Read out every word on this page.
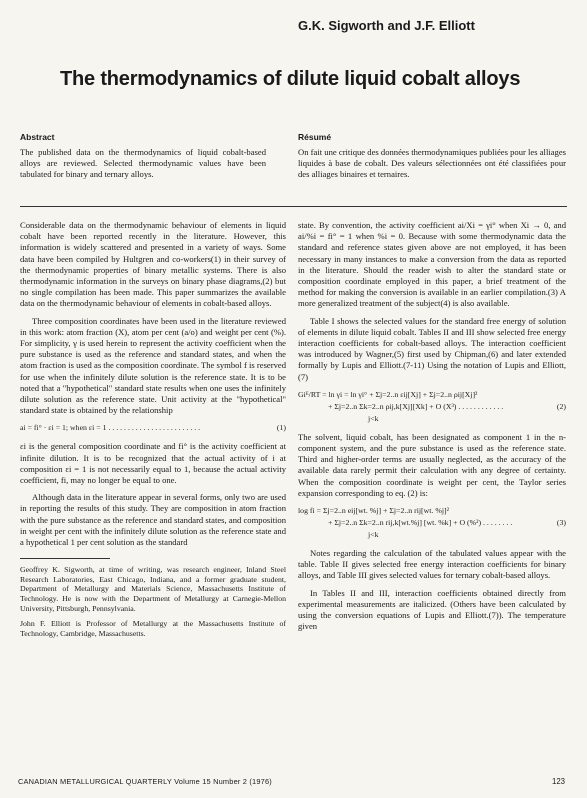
G.K. Sigworth and J.F. Elliott
The thermodynamics of dilute liquid cobalt alloys
Abstract
The published data on the thermodynamics of liquid cobalt-based alloys are reviewed. Selected thermodynamic values have been tabulated for binary and ternary alloys.
Résumé
On fait une critique des données thermodynamiques publiées pour les alliages liquides à base de cobalt. Des valeurs sélectionnées ont été classifiées pour des alliages binaires et ternaires.

Considerable data on the thermodynamic behaviour of elements in liquid cobalt have been reported recently in the literature. However, this information is widely scattered and presented in a variety of ways. Some data have been compiled by Hultgren and co-workers(1) in their survey of the thermodynamic properties of binary metallic systems. There is also thermodynamic information in the surveys on binary phase diagrams,(2) but no single compilation has been made. This paper summarizes the available data on the thermodynamic behaviour of elements in cobalt-based alloys.

Three composition coordinates have been used in the literature reviewed in this work: atom fraction (X), atom per cent (a/o) and weight per cent (%). For simplicity, γ is used herein to represent the activity coefficient when the pure substance is used as the reference and standard states, and when the atom fraction is used as the composition coordinate. The symbol f is reserved for use when the infinitely dilute solution is the reference state. It is to be noted that a "hypothetical" standard state results when one uses the infinitely dilute solution as the reference state. Unit activity at the "hypothetical" standard state is obtained by the relationship

ai = fi° · εi = 1; when εi = 1 . . . . . . . . . . . . . . . . . . . . . . . .	(1)

εi is the general composition coordinate and fi° is the activity coefficient at infinite dilution. It is to be recognized that the actual activity of i at composition εi = 1 is not necessarily equal to 1, because the actual activity coefficient, fi, may no longer be equal to one.

Although data in the literature appear in several forms, only two are used in reporting the results of this study. They are composition in atom fraction with the pure substance as the reference and standard states, and composition in weight per cent with the infinitely dilute solution as the reference state and a hypothetical 1 per cent solution as the standard

Geoffrey K. Sigworth, at time of writing, was research engineer, Inland Steel Research Laboratories, East Chicago, Indiana, and a former graduate student, Department of Metallurgy and Materials Science, Massachusetts Institute of Technology. He is now with the Department of Metallurgy at Carnegie-Mellon University, Pittsburgh, Pennsylvania.

John F. Elliott is Professor of Metallurgy at the Massachusetts Institute of Technology, Cambridge, Massachusetts.

state. By convention, the activity coefficient ai/Xi = γi° when Xi → 0, and ai/%i = fi° = 1 when %i = 0. Because with some thermodynamic data the standard and reference states given above are not employed, it has been necessary in many instances to make a conversion from the data as reported in the literature. Should the reader wish to alter the standard state or composition coordinate employed in this paper, a brief treatment of the method for making the conversion is available in an earlier compilation.(3) A more generalized treatment of the subject(4) is also available.

Table I shows the selected values for the standard free energy of solution of elements in dilute liquid cobalt. Tables II and III show selected free energy interaction coefficients for cobalt-based alloys. The interaction coefficient was introduced by Wagner,(5) first used by Chipman,(6) and later extended formally by Lupis and Elliott.(7-11) Using the notation of Lupis and Elliott,(7)

Giᴱ/RT = ln γi = ln γi° + Σj=2..n εij[Xj] + Σj=2..n ρij[Xj]²
+ Σj=2..n Σk=2..n ρij,k[Xj][Xk] + O (X³) . . . . . . . . . . . .	(2)
j<k

The solvent, liquid cobalt, has been designated as component 1 in the n-component system, and the pure substance is used as the reference state. Third and higher-order terms are usually neglected, as the accuracy of the available data rarely permit their calculation with any degree of certainty. When the composition coordinate is weight per cent, the Taylor series expansion corresponding to eq. (2) is:

log fi = Σj=2..n eij[wt. %j] + Σj=2..n rij[wt. %j]²
+ Σj=2..n Σk=2..n rij,k[wt.%j] [wt. %k] + O (%²) . . . . . . . .	(3)
j<k

Notes regarding the calculation of the tabulated values appear with the table. Table II gives selected free energy interaction coefficients for binary alloys, and Table III gives selected values for ternary cobalt-based alloys.

In Tables II and III, interaction coefficients obtained directly from experimental measurements are italicized. (Others have been calculated by using the conversion equations of Lupis and Elliott.(7)). The temperature given

CANADIAN METALLURGICAL QUARTERLY Volume 15 Number 2 (1976)	123
